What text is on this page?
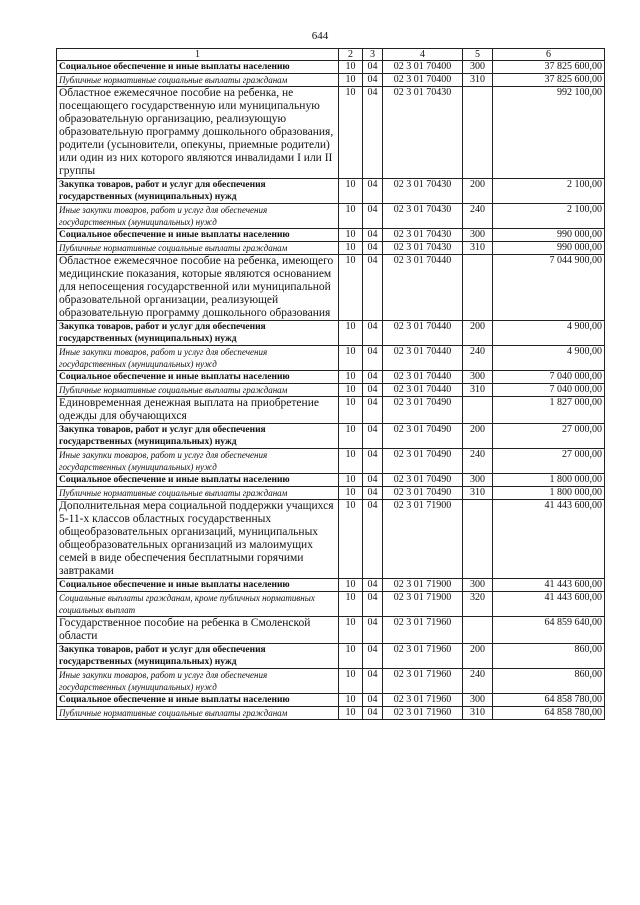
644
1	2	3	4	5	6
Социальное обеспечение и иные выплаты населению	10	04	02 3 01 70400	300	37 825 600,00
Публичные нормативные социальные выплаты гражданам	10	04	02 3 01 70400	310	37 825 600,00
Областное ежемесячное пособие на ребенка, не посещающего государственную или муниципальную образовательную организацию, реализующую образовательную программу дошкольного образования, родители (усыновители, опекуны, приемные родители) или один из них которого являются инвалидами I или II группы	10	04	02 3 01 70430		992 100,00
Закупка товаров, работ и услуг для обеспечения государственных (муниципальных) нужд	10	04	02 3 01 70430	200	2 100,00
Иные закупки товаров, работ и услуг для обеспечения государственных (муниципальных) нужд	10	04	02 3 01 70430	240	2 100,00
Социальное обеспечение и иные выплаты населению	10	04	02 3 01 70430	300	990 000,00
Публичные нормативные социальные выплаты гражданам	10	04	02 3 01 70430	310	990 000,00
Областное ежемесячное пособие на ребенка, имеющего медицинские показания, которые являются основанием для непосещения государственной или муниципальной образовательной организации, реализующей образовательную программу дошкольного образования	10	04	02 3 01 70440		7 044 900,00
Закупка товаров, работ и услуг для обеспечения государственных (муниципальных) нужд	10	04	02 3 01 70440	200	4 900,00
Иные закупки товаров, работ и услуг для обеспечения государственных (муниципальных) нужд	10	04	02 3 01 70440	240	4 900,00
Социальное обеспечение и иные выплаты населению	10	04	02 3 01 70440	300	7 040 000,00
Публичные нормативные социальные выплаты гражданам	10	04	02 3 01 70440	310	7 040 000,00
Единовременная денежная выплата на приобретение одежды для обучающихся	10	04	02 3 01 70490		1 827 000,00
Закупка товаров, работ и услуг для обеспечения государственных (муниципальных) нужд	10	04	02 3 01 70490	200	27 000,00
Иные закупки товаров, работ и услуг для обеспечения государственных (муниципальных) нужд	10	04	02 3 01 70490	240	27 000,00
Социальное обеспечение и иные выплаты населению	10	04	02 3 01 70490	300	1 800 000,00
Публичные нормативные социальные выплаты гражданам	10	04	02 3 01 70490	310	1 800 000,00
Дополнительная мера социальной поддержки учащихся 5-11-х классов областных государственных общеобразовательных организаций, муниципальных общеобразовательных организаций из малоимущих семей в виде обеспечения бесплатными горячими завтраками	10	04	02 3 01 71900		41 443 600,00
Социальное обеспечение и иные выплаты населению	10	04	02 3 01 71900	300	41 443 600,00
Социальные выплаты гражданам, кроме публичных нормативных социальных выплат	10	04	02 3 01 71900	320	41 443 600,00
Государственное пособие на ребенка в Смоленской области	10	04	02 3 01 71960		64 859 640,00
Закупка товаров, работ и услуг для обеспечения государственных (муниципальных) нужд	10	04	02 3 01 71960	200	860,00
Иные закупки товаров, работ и услуг для обеспечения государственных (муниципальных) нужд	10	04	02 3 01 71960	240	860,00
Социальное обеспечение и иные выплаты населению	10	04	02 3 01 71960	300	64 858 780,00
Публичные нормативные социальные выплаты гражданам	10	04	02 3 01 71960	310	64 858 780,00
